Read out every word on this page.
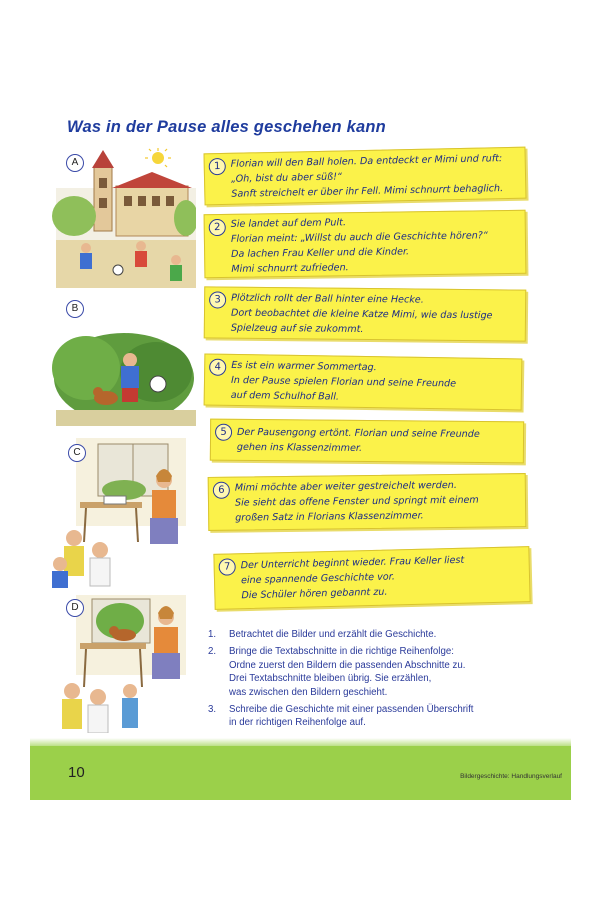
Was in der Pause alles geschehen kann
A
B
C
D
1	Florian will den Ball holen. Da entdeckt er Mimi und ruft:
„Oh, bist du aber süß!“
Sanft streichelt er über ihr Fell. Mimi schnurrt behaglich.
2	Sie landet auf dem Pult.
Florian meint: „Willst du auch die Geschichte hören?“
Da lachen Frau Keller und die Kinder.
Mimi schnurrt zufrieden.
3	Plötzlich rollt der Ball hinter eine Hecke.
Dort beobachtet die kleine Katze Mimi, wie das lustige
Spielzeug auf sie zukommt.
4	Es ist ein warmer Sommertag.
In der Pause spielen Florian und seine Freunde
auf dem Schulhof Ball.
5	Der Pausengong ertönt. Florian und seine Freunde
gehen ins Klassenzimmer.
6	Mimi möchte aber weiter gestreichelt werden.
Sie sieht das offene Fenster und springt mit einem
großen Satz in Florians Klassenzimmer.
7	Der Unterricht beginnt wieder. Frau Keller liest
eine spannende Geschichte vor.
Die Schüler hören gebannt zu.
1.	Betrachtet die Bilder und erzählt die Geschichte.
2.	Bringe die Textabschnitte in die richtige Reihenfolge:
Ordne zuerst den Bildern die passenden Abschnitte zu.
Drei Textabschnitte bleiben übrig. Sie erzählen,
was zwischen den Bildern geschieht.
3.	Schreibe die Geschichte mit einer passenden Überschrift
in der richtigen Reihenfolge auf.
10	Bildergeschichte: Handlungsverlauf
